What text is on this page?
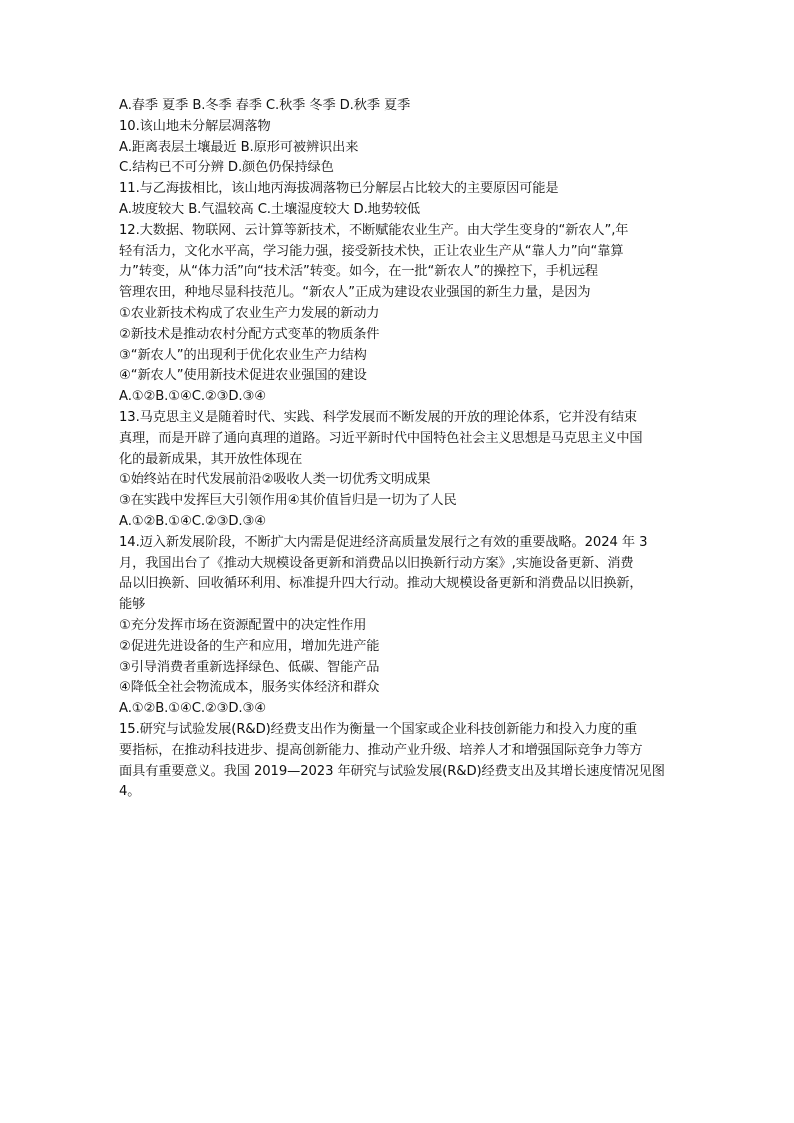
A.春季 夏季 B.冬季 春季 C.秋季 冬季 D.秋季 夏季
10.该山地未分解层凋落物
A.距离表层土壤最近 B.原形可被辨识出来
C.结构已不可分辨 D.颜色仍保持绿色
11.与乙海拔相比，该山地丙海拔凋落物已分解层占比较大的主要原因可能是
A.坡度较大 B.气温较高 C.土壤湿度较大 D.地势较低
12.大数据、物联网、云计算等新技术，不断赋能农业生产。由大学生变身的“新农人”,年
轻有活力，文化水平高，学习能力强，接受新技术快，正让农业生产从“靠人力”向“靠算
力”转变，从“体力活”向“技术活”转变。如今，在一批“新农人”的操控下，手机远程
管理农田，种地尽显科技范儿。“新农人”正成为建设农业强国的新生力量，是因为
①农业新技术构成了农业生产力发展的新动力
②新技术是推动农村分配方式变革的物质条件
③“新农人”的出现利于优化农业生产力结构
④“新农人”使用新技术促进农业强国的建设
A.①②B.①④C.②③D.③④
13.马克思主义是随着时代、实践、科学发展而不断发展的开放的理论体系，它并没有结束
真理，而是开辟了通向真理的道路。习近平新时代中国特色社会主义思想是马克思主义中国
化的最新成果，其开放性体现在
①始终站在时代发展前沿②吸收人类一切优秀文明成果
③在实践中发挥巨大引领作用④其价值旨归是一切为了人民
A.①②B.①④C.②③D.③④
14.迈入新发展阶段，不断扩大内需是促进经济高质量发展行之有效的重要战略。2024 年 3
月，我国出台了《推动大规模设备更新和消费品以旧换新行动方案》,实施设备更新、消费
品以旧换新、回收循环利用、标准提升四大行动。推动大规模设备更新和消费品以旧换新，
能够
①充分发挥市场在资源配置中的决定性作用
②促进先进设备的生产和应用，增加先进产能
③引导消费者重新选择绿色、低碳、智能产品
④降低全社会物流成本，服务实体经济和群众
A.①②B.①④C.②③D.③④
15.研究与试验发展(R&D)经费支出作为衡量一个国家或企业科技创新能力和投入力度的重
要指标，在推动科技进步、提高创新能力、推动产业升级、培养人才和增强国际竞争力等方
面具有重要意义。我国 2019—2023 年研究与试验发展(R&D)经费支出及其增长速度情况见图
4。
